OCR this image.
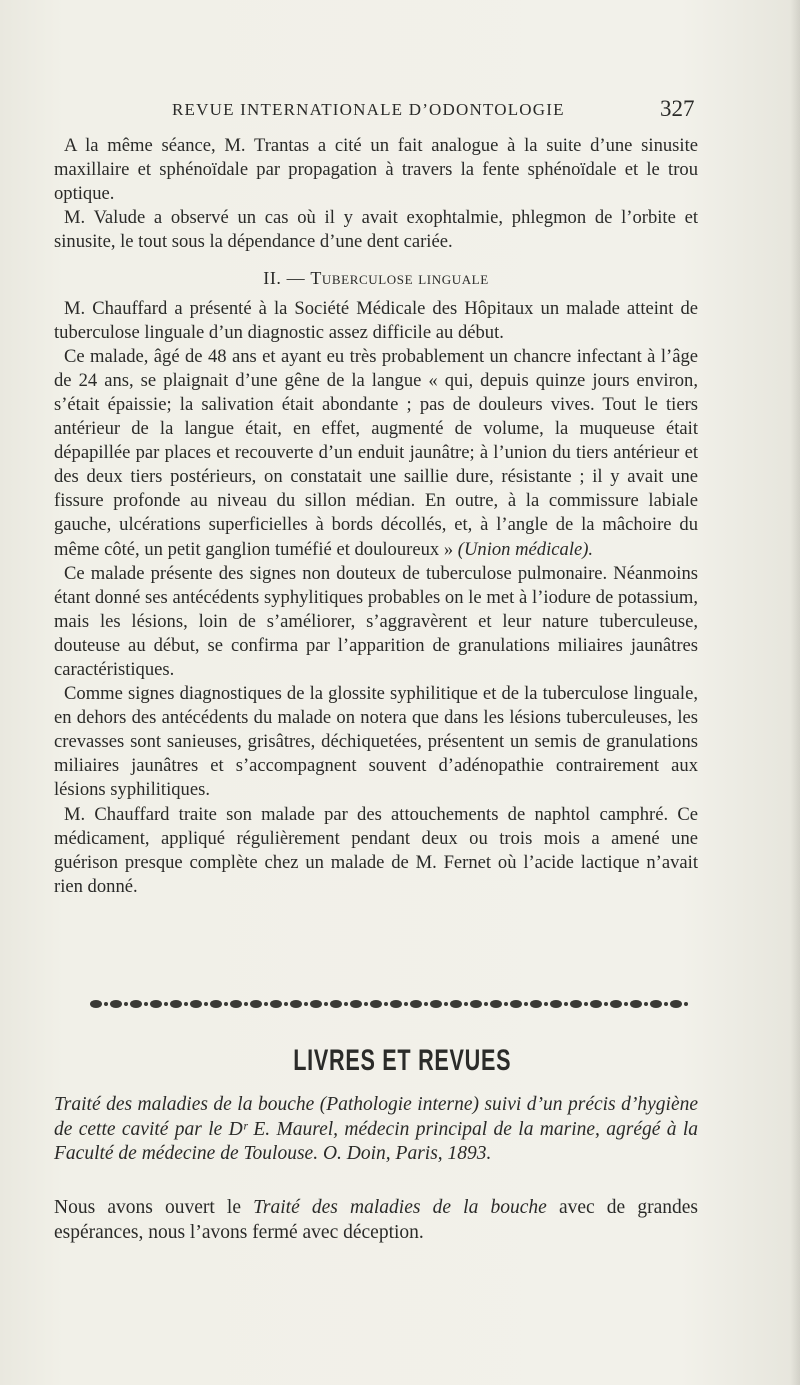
REVUE INTERNATIONALE D’ODONTOLOGIE	327

A la même séance, M. Trantas a cité un fait analogue à la suite d’une sinusite maxillaire et sphénoïdale par propagation à travers la fente sphénoïdale et le trou optique.

M. Valude a observé un cas où il y avait exophtalmie, phlegmon de l’orbite et sinusite, le tout sous la dépendance d’une dent cariée.

II. — Tuberculose linguale

M. Chauffard a présenté à la Société Médicale des Hôpitaux un malade atteint de tuberculose linguale d’un diagnostic assez difficile au début.

Ce malade, âgé de 48 ans et ayant eu très probablement un chancre infectant à l’âge de 24 ans, se plaignait d’une gêne de la langue « qui, depuis quinze jours environ, s’était épaissie; la salivation était abondante ; pas de douleurs vives. Tout le tiers antérieur de la langue était, en effet, augmenté de volume, la muqueuse était dépapillée par places et recouverte d’un enduit jaunâtre; à l’union du tiers antérieur et des deux tiers postérieurs, on constatait une saillie dure, résistante ; il y avait une fissure profonde au niveau du sillon médian. En outre, à la commissure labiale gauche, ulcérations superficielles à bords décollés, et, à l’angle de la mâchoire du même côté, un petit ganglion tuméfié et douloureux » (Union médicale).

Ce malade présente des signes non douteux de tuberculose pulmonaire. Néanmoins étant donné ses antécédents syphylitiques probables on le met à l’iodure de potassium, mais les lésions, loin de s’améliorer, s’aggravèrent et leur nature tuberculeuse, douteuse au début, se confirma par l’apparition de granulations miliaires jaunâtres caractéristiques.

Comme signes diagnostiques de la glossite syphilitique et de la tuberculose linguale, en dehors des antécédents du malade on notera que dans les lésions tuberculeuses, les crevasses sont sanieuses, grisâtres, déchiquetées, présentent un semis de granulations miliaires jaunâtres et s’accompagnent souvent d’adénopathie contrairement aux lésions syphilitiques.

M. Chauffard traite son malade par des attouchements de naphtol camphré. Ce médicament, appliqué régulièrement pendant deux ou trois mois a amené une guérison presque complète chez un malade de M. Fernet où l’acide lactique n’avait rien donné.

LIVRES ET REVUES
Traité des maladies de la bouche (Pathologie interne) suivi d’un précis d’hygiène de cette cavité par le Dʳ E. Maurel, médecin principal de la marine, agrégé à la Faculté de médecine de Toulouse. O. Doin, Paris, 1893.
Nous avons ouvert le Traité des maladies de la bouche avec de grandes espérances, nous l’avons fermé avec déception.
